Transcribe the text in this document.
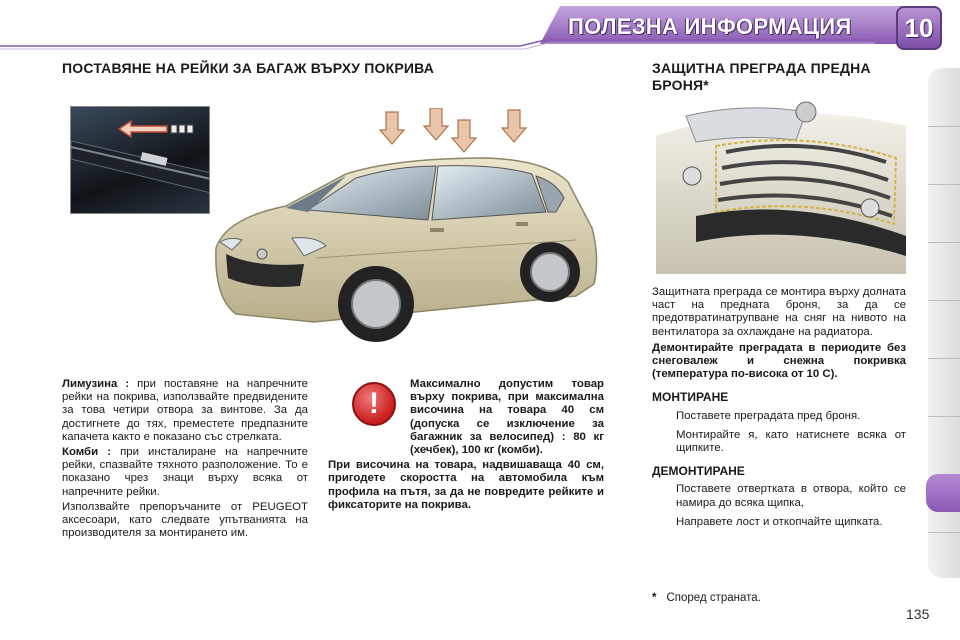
ПОЛЕЗНА ИНФОРМАЦИЯ	10
ПОСТАВЯНЕ НА РЕЙКИ ЗА БАГАЖ ВЪРХУ ПОКРИВА	ЗАЩИТНА ПРЕГРАДА ПРЕДНА БРОНЯ*

Лимузина : при поставяне на напречните рейки на покрива, използвайте предвидените за това четири отвора за винтове. За да достигнете до тях, преместете предпазните капачета както е показано със стрелката.

Комби : при инсталиране на напречните рейки, спазвайте тяхното разположение. То е показано чрез знаци върху всяка от напречните рейки.

Използвайте препоръчаните от PEUGEOT аксесоари, като следвате упътванията на производителя за монтирането им.

!

Максимално допустим товар върху покрива, при максимална височина на товара 40 см (допуска се изключение за багажник за велосипед) : 80 кг (хечбек), 100 кг (комби).

При височина на товара, надвишаваща 40 см, пригодете скоростта на автомобила към профила на пътя, за да не повредите рейките и фиксаторите на покрива.

Защитната преграда се монтира върху долната част на предната броня, за да се предотвратинатрупване на сняг на нивото на вентилатора за охлаждане на радиатора.

Демонтирайте преградата в периодите без снеговалеж и снежна покривка (температура по-висока от 10 C).

МОНТИРАНЕ
Поставете преградата пред броня.
Монтирайте я, като натиснете всяка от щипките.
ДЕМОНТИРАНЕ
Поставете отвертката в отвора, който се намира до всяка щипка,
Направете лост и откопчайте щипката.
* Според страната.
135
